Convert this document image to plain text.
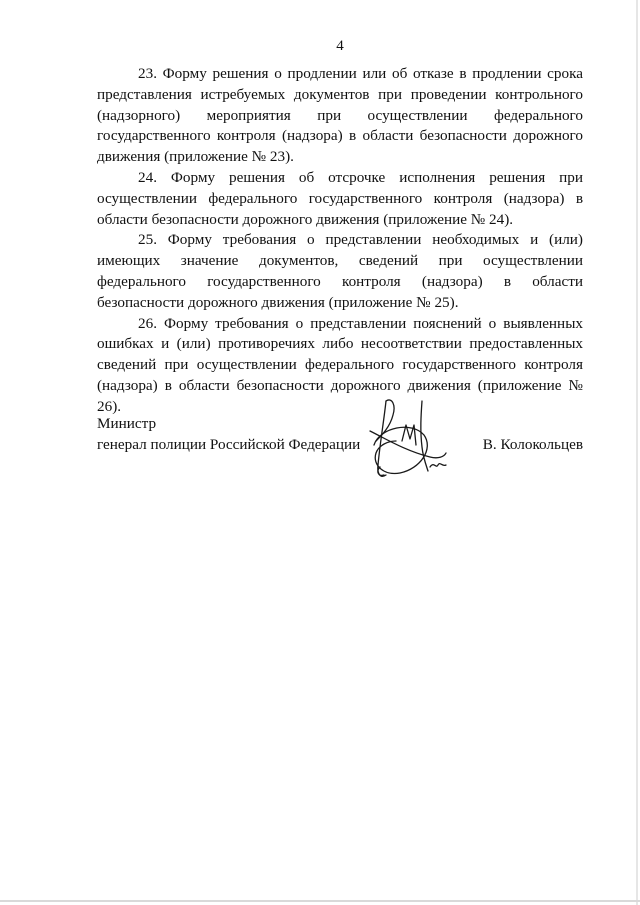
4

23. Форму решения о продлении или об отказе в продлении срока представления истребуемых документов при проведении контрольного (надзорного) мероприятия при осуществлении федерального государственного контроля (надзора) в области безопасности дорожного движения (приложение № 23).

24. Форму решения об отсрочке исполнения решения при осуществлении федерального государственного контроля (надзора) в области безопасности дорожного движения (приложение № 24).

25. Форму требования о представлении необходимых и (или) имеющих значение документов, сведений при осуществлении федерального государственного контроля (надзора) в области безопасности дорожного движения (приложение № 25).

26. Форму требования о представлении пояснений о выявленных ошибках и (или) противоречиях либо несоответствии предоставленных сведений при осуществлении федерального государственного контроля (надзора) в области безопасности дорожного движения (приложение № 26).

Министр
генерал полиции Российской Федерации	В. Колокольцев
